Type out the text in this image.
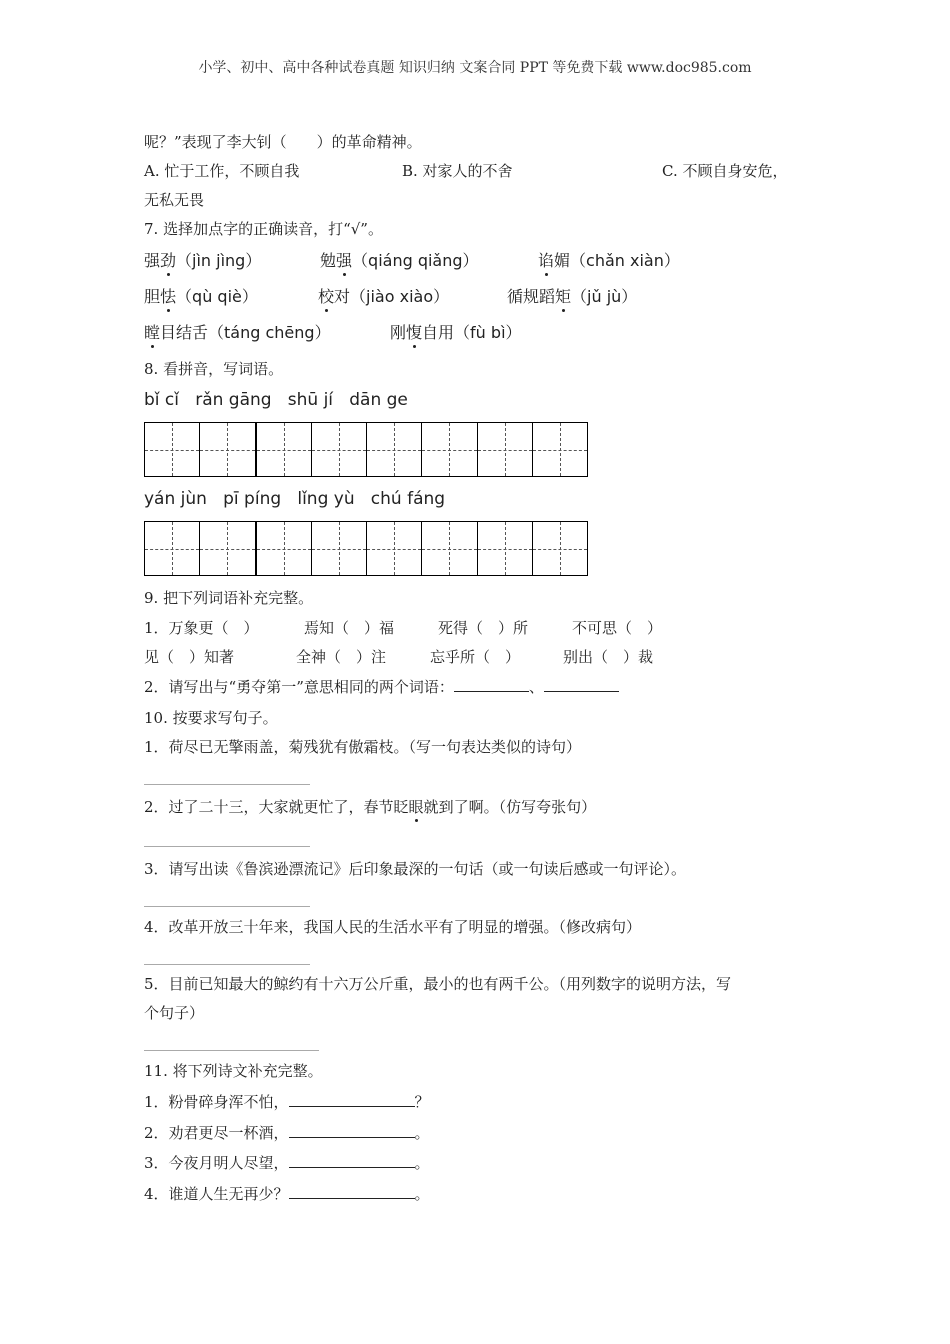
小学、初中、高中各种试卷真题 知识归纳 文案合同 PPT 等免费下载 www.doc985.com
呢？”表现了李大钊（　　）的革命精神。
A. 忙于工作，不顾自我	B. 对家人的不舍	C. 不顾自身安危，
无私无畏
7. 选择加点字的正确读音，打“√”。
强劲（jìn jìng）	勉强（qiáng qiǎng）	谄媚（chǎn xiàn）
胆怯（qù qiè）	校对（jiào xiào）	循规蹈矩（jǔ jù）
瞠目结舌（táng chēng）	刚愎自用（fù bì）
8. 看拼音，写词语。
bǐ cǐ   rǎn gāng   shū jí   dān ge
yán jùn   pī píng   lǐng yù   chú fáng
9. 把下列词语补充完整。
1．万象更（　）	焉知（　）福	死得（　）所	不可思（　）
见（　）知著	全神（　）注	忘乎所（　）	别出（　）裁
2．请写出与“勇夺第一”意思相同的两个词语：	、
10. 按要求写句子。
1．荷尽已无擎雨盖，菊残犹有傲霜枝。（写一句表达类似的诗句）
2．过了二十三，大家就更忙了，春节眨眼就到了啊。（仿写夸张句）
3．请写出读《鲁滨逊漂流记》后印象最深的一句话（或一句读后感或一句评论）。
4．改革开放三十年来，我国人民的生活水平有了明显的增强。（修改病句）
5．目前已知最大的鲸约有十六万公斤重，最小的也有两千公。（用列数字的说明方法，写
个句子）
11. 将下列诗文补充完整。
1．粉骨碎身浑不怕，	？
2．劝君更尽一杯酒，	。
3．今夜月明人尽望，	。
4．谁道人生无再少？	。
